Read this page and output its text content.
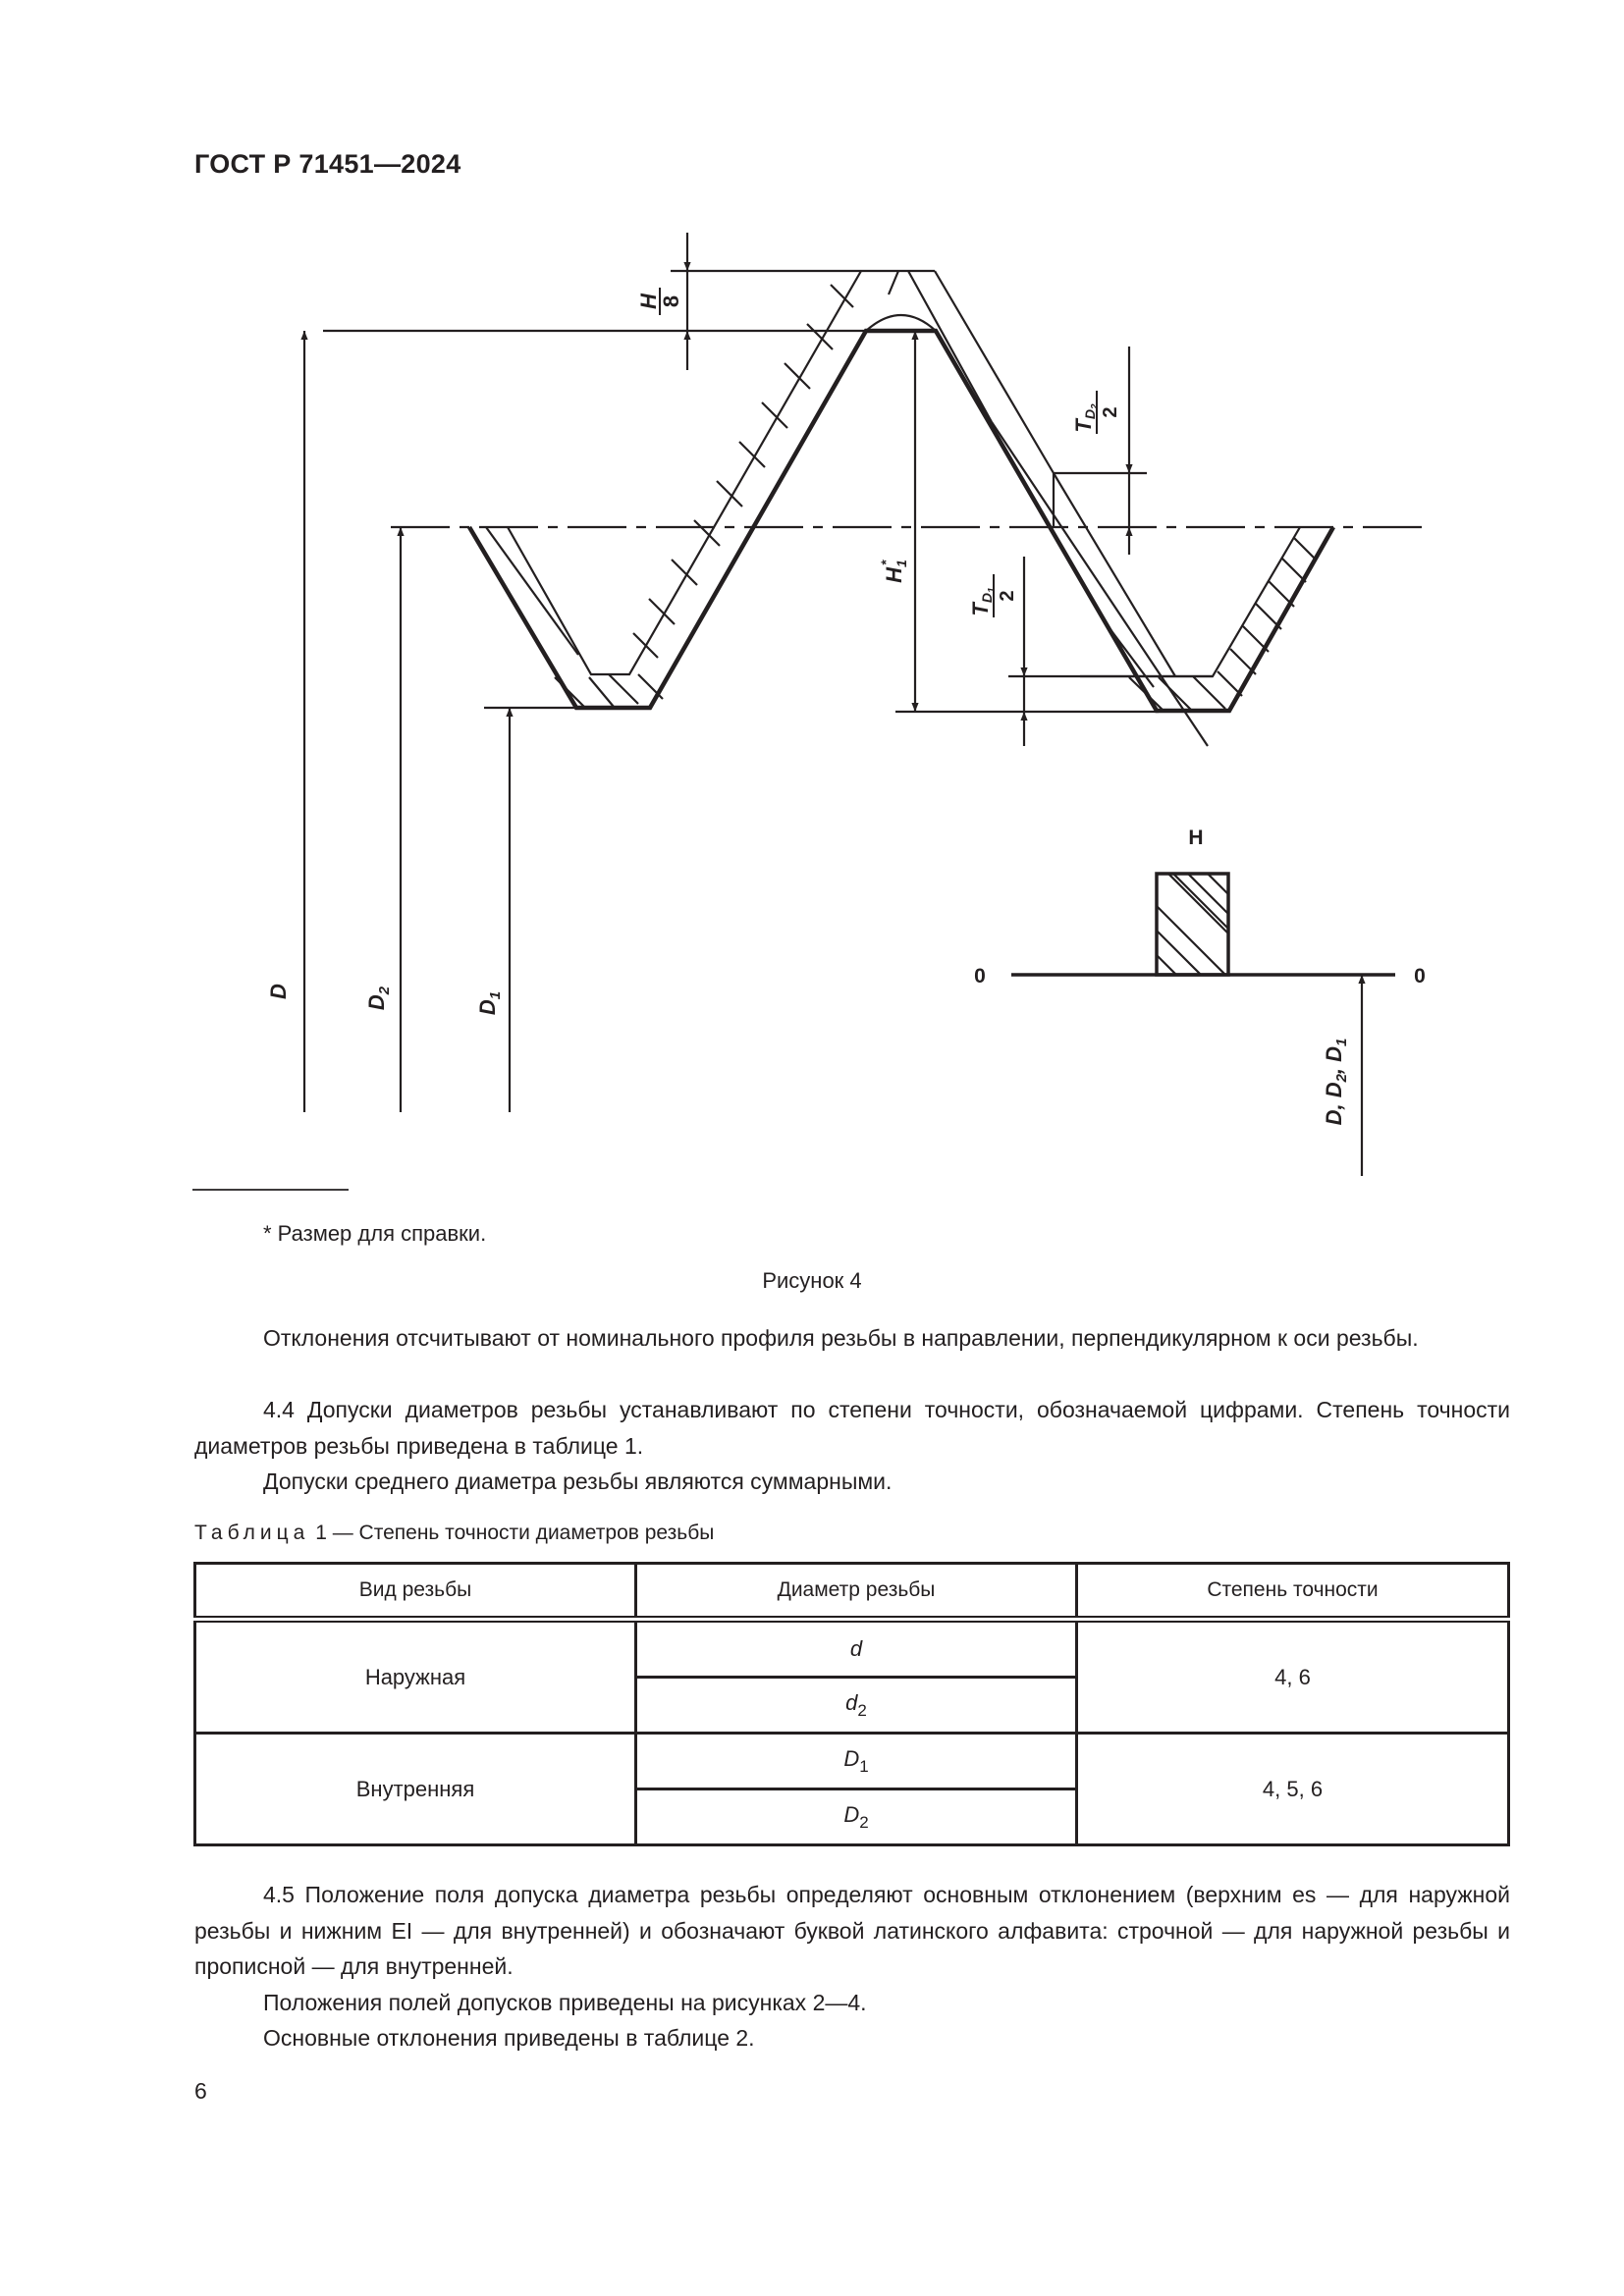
ГОСТ Р 71451—2024
H
8
TD2
2
TD1
2
$H_1*$
D
$D_2$
$D_1$
D, $D_2$, $D_1$
H
0	0
* Размер для справки.
Рисунок 4
Отклонения отсчитывают от номинального профиля резьбы в направлении, перпендикулярном к оси резьбы.
4.4 Допуски диаметров резьбы устанавливают по степени точности, обозначаемой цифрами. Степень точности диаметров резьбы приведена в таблице 1.
Допуски среднего диаметра резьбы являются суммарными.
Таблица 1 — Степень точности диаметров резьбы
Вид резьбы	Диаметр резьбы	Степень точности
Наружная	d	4, 6
	$d_2$
Внутренняя	$D_1$	4, 5, 6
	$D_2$
4.5 Положение поля допуска диаметра резьбы определяют основным отклонением (верхним es — для наружной резьбы и нижним EI — для внутренней) и обозначают буквой латинского алфавита: строчной — для наружной резьбы и прописной — для внутренней.
Положения полей допусков приведены на рисунках 2—4.
Основные отклонения приведены в таблице 2.
6
